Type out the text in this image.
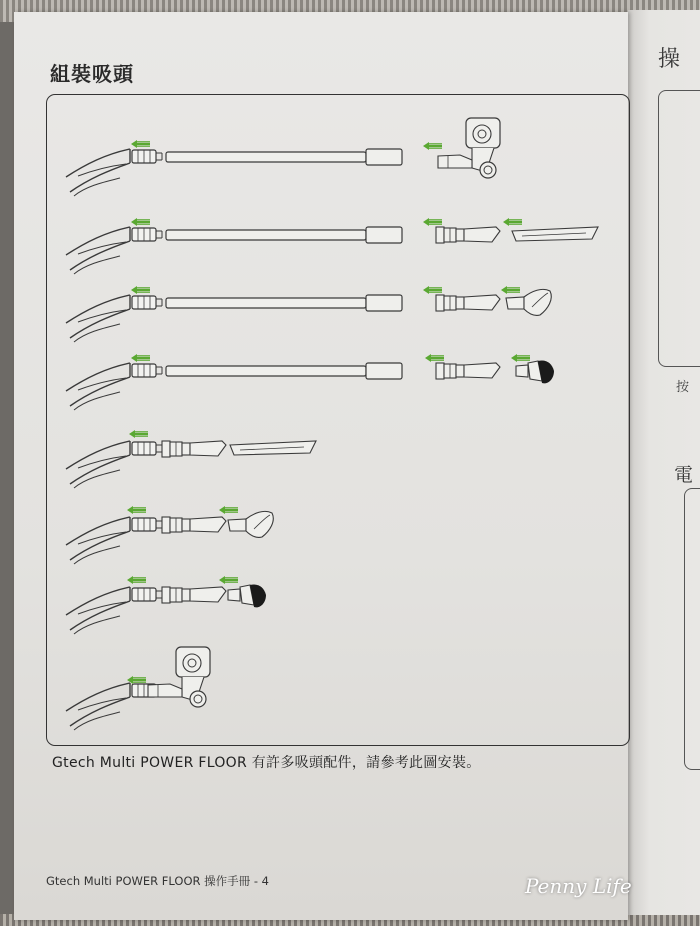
操
按
電
組裝吸頭
Gtech Multi POWER FLOOR 有許多吸頭配件，請參考此圖安裝。
Gtech Multi POWER FLOOR 操作手冊 - 4	Penny Life
